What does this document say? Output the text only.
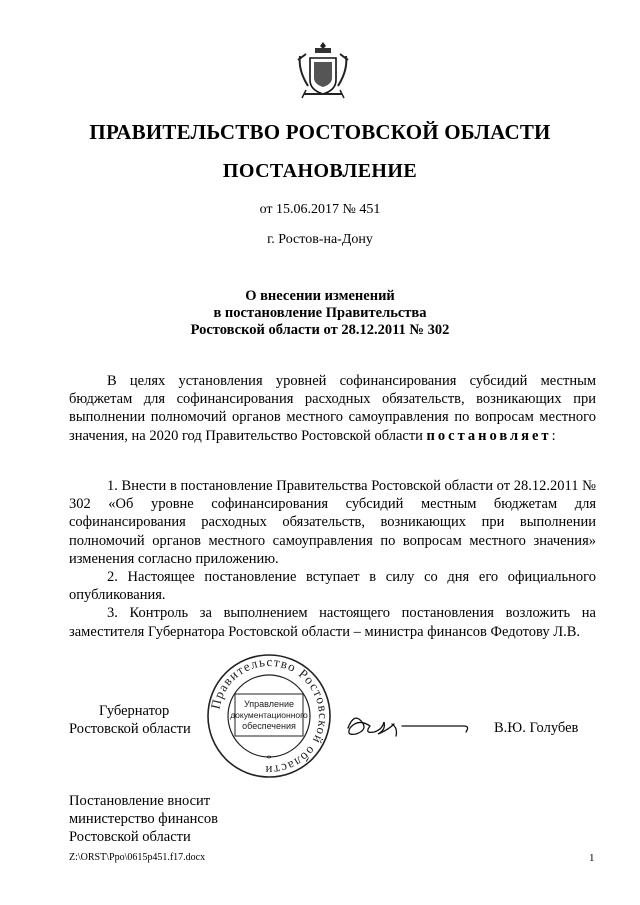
ПРАВИТЕЛЬСТВО РОСТОВСКОЙ ОБЛАСТИ
ПОСТАНОВЛЕНИЕ
от 15.06.2017 № 451
г. Ростов-на-Дону
О внесении изменений
в постановление Правительства
Ростовской области от 28.12.2011 № 302

В целях установления уровней софинансирования субсидий местным бюджетам для софинансирования расходных обязательств, возникающих при выполнении полномочий органов местного самоуправления по вопросам местного значения, на 2020 год Правительство Ростовской области постановляет:

1. Внести в постановление Правительства Ростовской области от 28.12.2011 № 302 «Об уровне софинансирования субсидий местным бюджетам для софинансирования расходных обязательств, возникающих при выполнении полномочий органов местного самоуправления по вопросам местного значения» изменения согласно приложению.

2. Настоящее постановление вступает в силу со дня его официального опубликования.

3. Контроль за выполнением настоящего постановления возложить на заместителя Губернатора Ростовской области – министра финансов Федотову Л.В.

Губернатор
Ростовской области
Правительство Ростовской области
Управление
документационного
обеспечения
*
В.Ю. Голубев
Постановление вносит
министерство финансов
Ростовской области
Z:\ORST\Ppo\0615p451.f17.docx	1
